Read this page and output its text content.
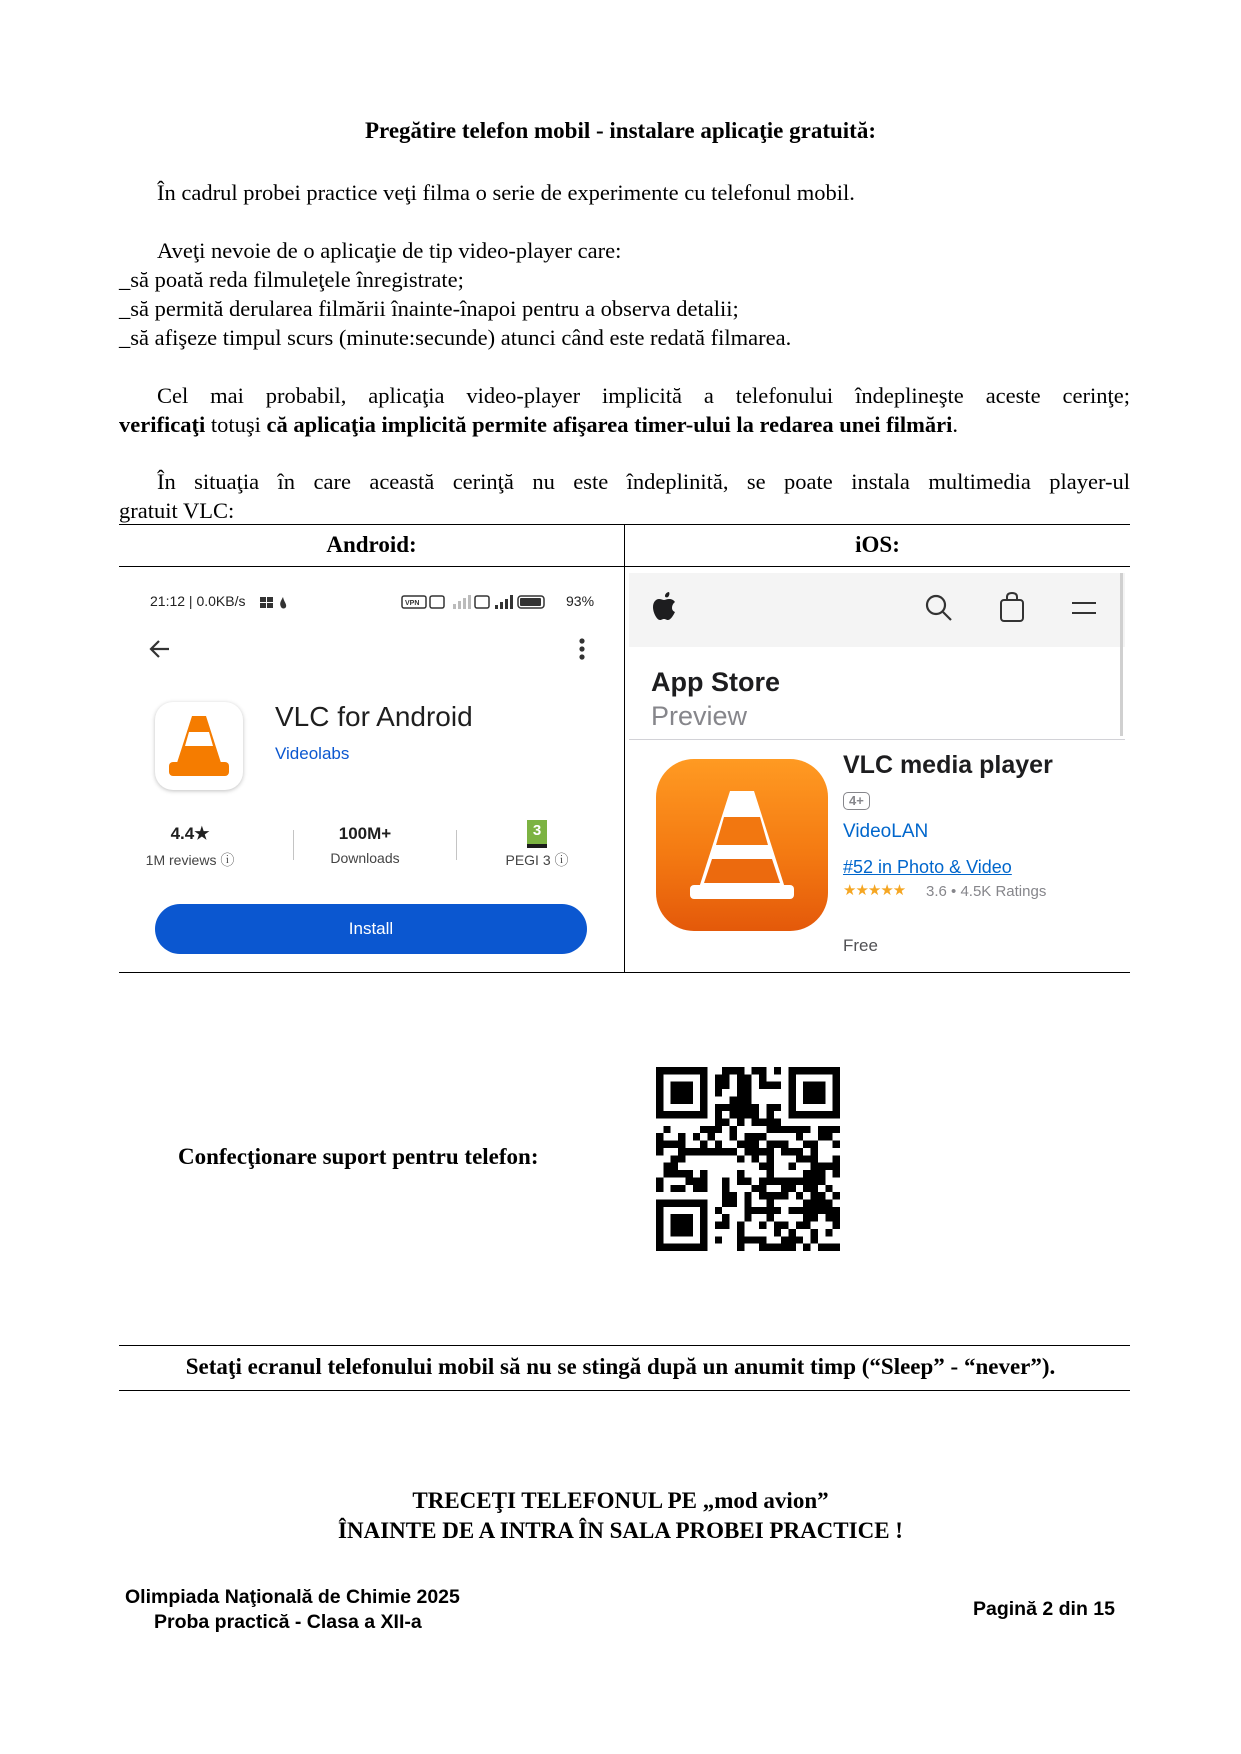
Pregătire telefon mobil - instalare aplicaţie gratuită:
În cadrul probei practice veţi filma o serie de experimente cu telefonul mobil.
Aveţi nevoie de o aplicaţie de tip video-player care:
_să poată reda filmuleţele înregistrate;
_să permită derularea filmării înainte-înapoi pentru a observa detalii;
_să afişeze timpul scurs (minute:secunde) atunci când este redată filmarea.
Cel mai probabil, aplicaţia video-player implicită a telefonului îndeplineşte aceste cerinţe;
verificaţi totuşi că aplicaţia implicită permite afişarea timer-ului la redarea unei filmări.
În situaţia în care această cerinţă nu este îndeplinită, se poate instala multimedia player-ul
gratuit VLC:
Android:	iOS:
21:12 | 0.0KB/s	VPN	93%
VLC for Android
Videolabs
4.4★
1M reviews ⓘ
100M+
Downloads
3
PEGI 3 ⓘ
Install
App Store
Preview
VLC media player
4+
VideoLAN
#52 in Photo & Video
★★★★★ 3.6 • 4.5K Ratings
Free
Confecţionare suport pentru telefon:
Setaţi ecranul telefonului mobil să nu se stingă după un anumit timp (“Sleep” - “never”).
TRECEŢI TELEFONUL PE „mod avion”
ÎNAINTE DE A INTRA ÎN SALA PROBEI PRACTICE !
Olimpiada Naţională de Chimie 2025
Proba practică - Clasa a XII-a
Pagină 2 din 15
